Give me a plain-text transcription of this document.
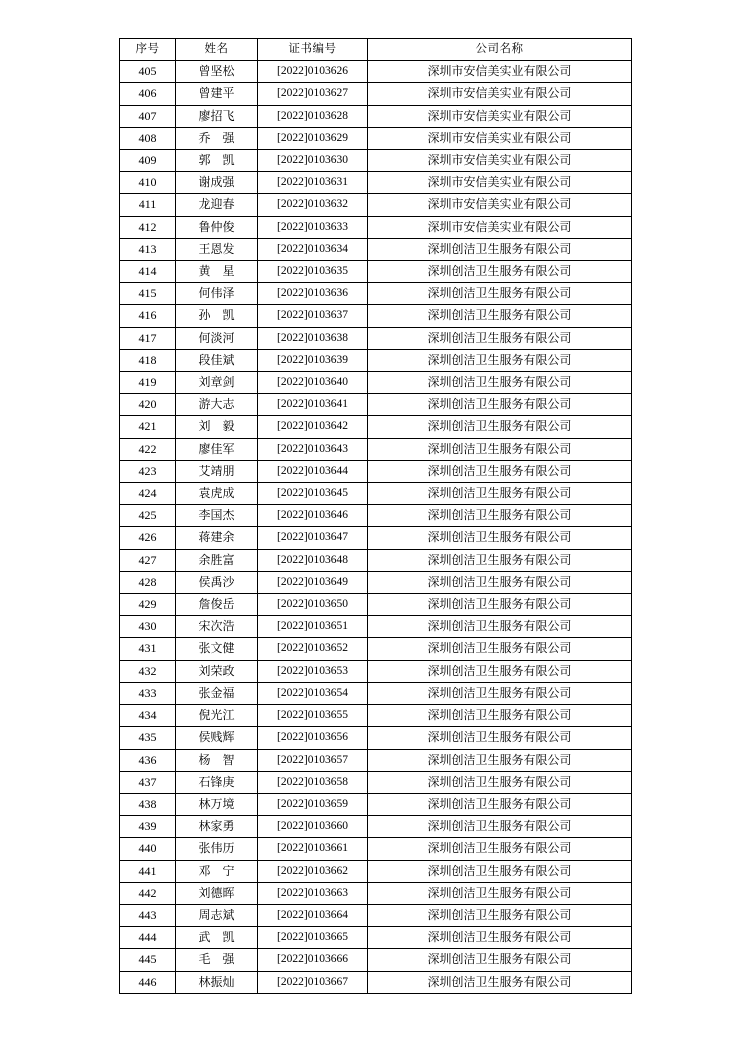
序号	姓名	证书编号	公司名称
405	曾坚松	[2022]0103626	深圳市安信美实业有限公司
406	曾建平	[2022]0103627	深圳市安信美实业有限公司
407	廖招飞	[2022]0103628	深圳市安信美实业有限公司
408	乔　强	[2022]0103629	深圳市安信美实业有限公司
409	郭　凯	[2022]0103630	深圳市安信美实业有限公司
410	谢成强	[2022]0103631	深圳市安信美实业有限公司
411	龙迎春	[2022]0103632	深圳市安信美实业有限公司
412	鲁仲俊	[2022]0103633	深圳市安信美实业有限公司
413	王恩发	[2022]0103634	深圳创洁卫生服务有限公司
414	黄　星	[2022]0103635	深圳创洁卫生服务有限公司
415	何伟泽	[2022]0103636	深圳创洁卫生服务有限公司
416	孙　凯	[2022]0103637	深圳创洁卫生服务有限公司
417	何淡河	[2022]0103638	深圳创洁卫生服务有限公司
418	段佳斌	[2022]0103639	深圳创洁卫生服务有限公司
419	刘章剑	[2022]0103640	深圳创洁卫生服务有限公司
420	游大志	[2022]0103641	深圳创洁卫生服务有限公司
421	刘　毅	[2022]0103642	深圳创洁卫生服务有限公司
422	廖佳军	[2022]0103643	深圳创洁卫生服务有限公司
423	艾靖朋	[2022]0103644	深圳创洁卫生服务有限公司
424	袁虎成	[2022]0103645	深圳创洁卫生服务有限公司
425	李国杰	[2022]0103646	深圳创洁卫生服务有限公司
426	蒋建余	[2022]0103647	深圳创洁卫生服务有限公司
427	余胜富	[2022]0103648	深圳创洁卫生服务有限公司
428	侯禹沙	[2022]0103649	深圳创洁卫生服务有限公司
429	詹俊岳	[2022]0103650	深圳创洁卫生服务有限公司
430	宋次浩	[2022]0103651	深圳创洁卫生服务有限公司
431	张文健	[2022]0103652	深圳创洁卫生服务有限公司
432	刘荣政	[2022]0103653	深圳创洁卫生服务有限公司
433	张金福	[2022]0103654	深圳创洁卫生服务有限公司
434	倪光江	[2022]0103655	深圳创洁卫生服务有限公司
435	侯贱辉	[2022]0103656	深圳创洁卫生服务有限公司
436	杨　智	[2022]0103657	深圳创洁卫生服务有限公司
437	石锋庚	[2022]0103658	深圳创洁卫生服务有限公司
438	林万境	[2022]0103659	深圳创洁卫生服务有限公司
439	林家勇	[2022]0103660	深圳创洁卫生服务有限公司
440	张伟历	[2022]0103661	深圳创洁卫生服务有限公司
441	邓　宁	[2022]0103662	深圳创洁卫生服务有限公司
442	刘德晖	[2022]0103663	深圳创洁卫生服务有限公司
443	周志斌	[2022]0103664	深圳创洁卫生服务有限公司
444	武　凯	[2022]0103665	深圳创洁卫生服务有限公司
445	毛　强	[2022]0103666	深圳创洁卫生服务有限公司
446	林振灿	[2022]0103667	深圳创洁卫生服务有限公司
